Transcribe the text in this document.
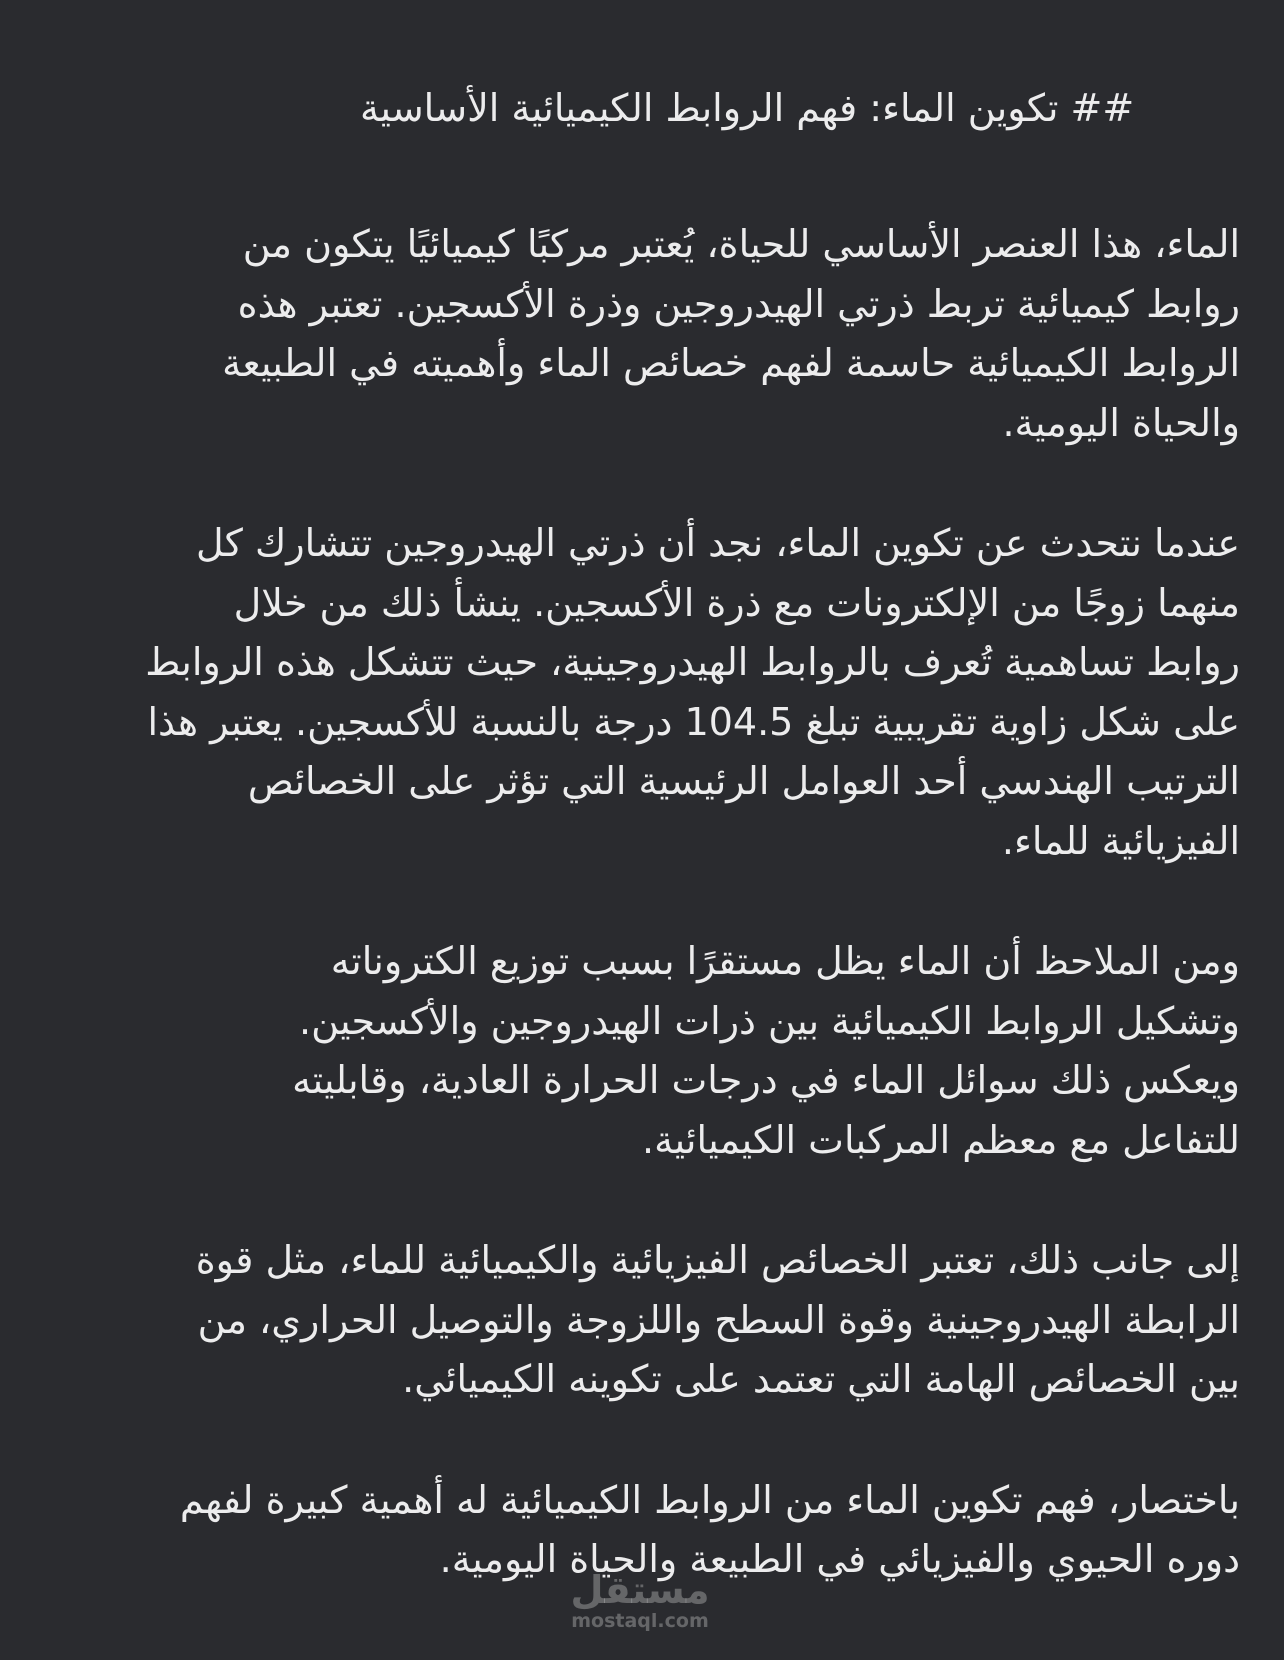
## تكوين الماء: فهم الروابط الكيميائية الأساسية

الماء، هذا العنصر الأساسي للحياة، يُعتبر مركبًا كيميائيًا يتكون من روابط كيميائية تربط ذرتي الهيدروجين وذرة الأكسجين. تعتبر هذه الروابط الكيميائية حاسمة لفهم خصائص الماء وأهميته في الطبيعة والحياة اليومية.

عندما نتحدث عن تكوين الماء، نجد أن ذرتي الهيدروجين تتشارك كل منهما زوجًا من الإلكترونات مع ذرة الأكسجين. ينشأ ذلك من خلال روابط تساهمية تُعرف بالروابط الهيدروجينية، حيث تتشكل هذه الروابط على شكل زاوية تقريبية تبلغ 104.5 درجة بالنسبة للأكسجين. يعتبر هذا الترتيب الهندسي أحد العوامل الرئيسية التي تؤثر على الخصائص الفيزيائية للماء.

ومن الملاحظ أن الماء يظل مستقرًا بسبب توزيع الكتروناته وتشكيل الروابط الكيميائية بين ذرات الهيدروجين والأكسجين. ويعكس ذلك سوائل الماء في درجات الحرارة العادية، وقابليته للتفاعل مع معظم المركبات الكيميائية.

إلى جانب ذلك، تعتبر الخصائص الفيزيائية والكيميائية للماء، مثل قوة الرابطة الهيدروجينية وقوة السطح واللزوجة والتوصيل الحراري، من بين الخصائص الهامة التي تعتمد على تكوينه الكيميائي.

باختصار، فهم تكوين الماء من الروابط الكيميائية له أهمية كبيرة لفهم دوره الحيوي والفيزيائي في الطبيعة والحياة اليومية.

مستقل
mostaql.com
